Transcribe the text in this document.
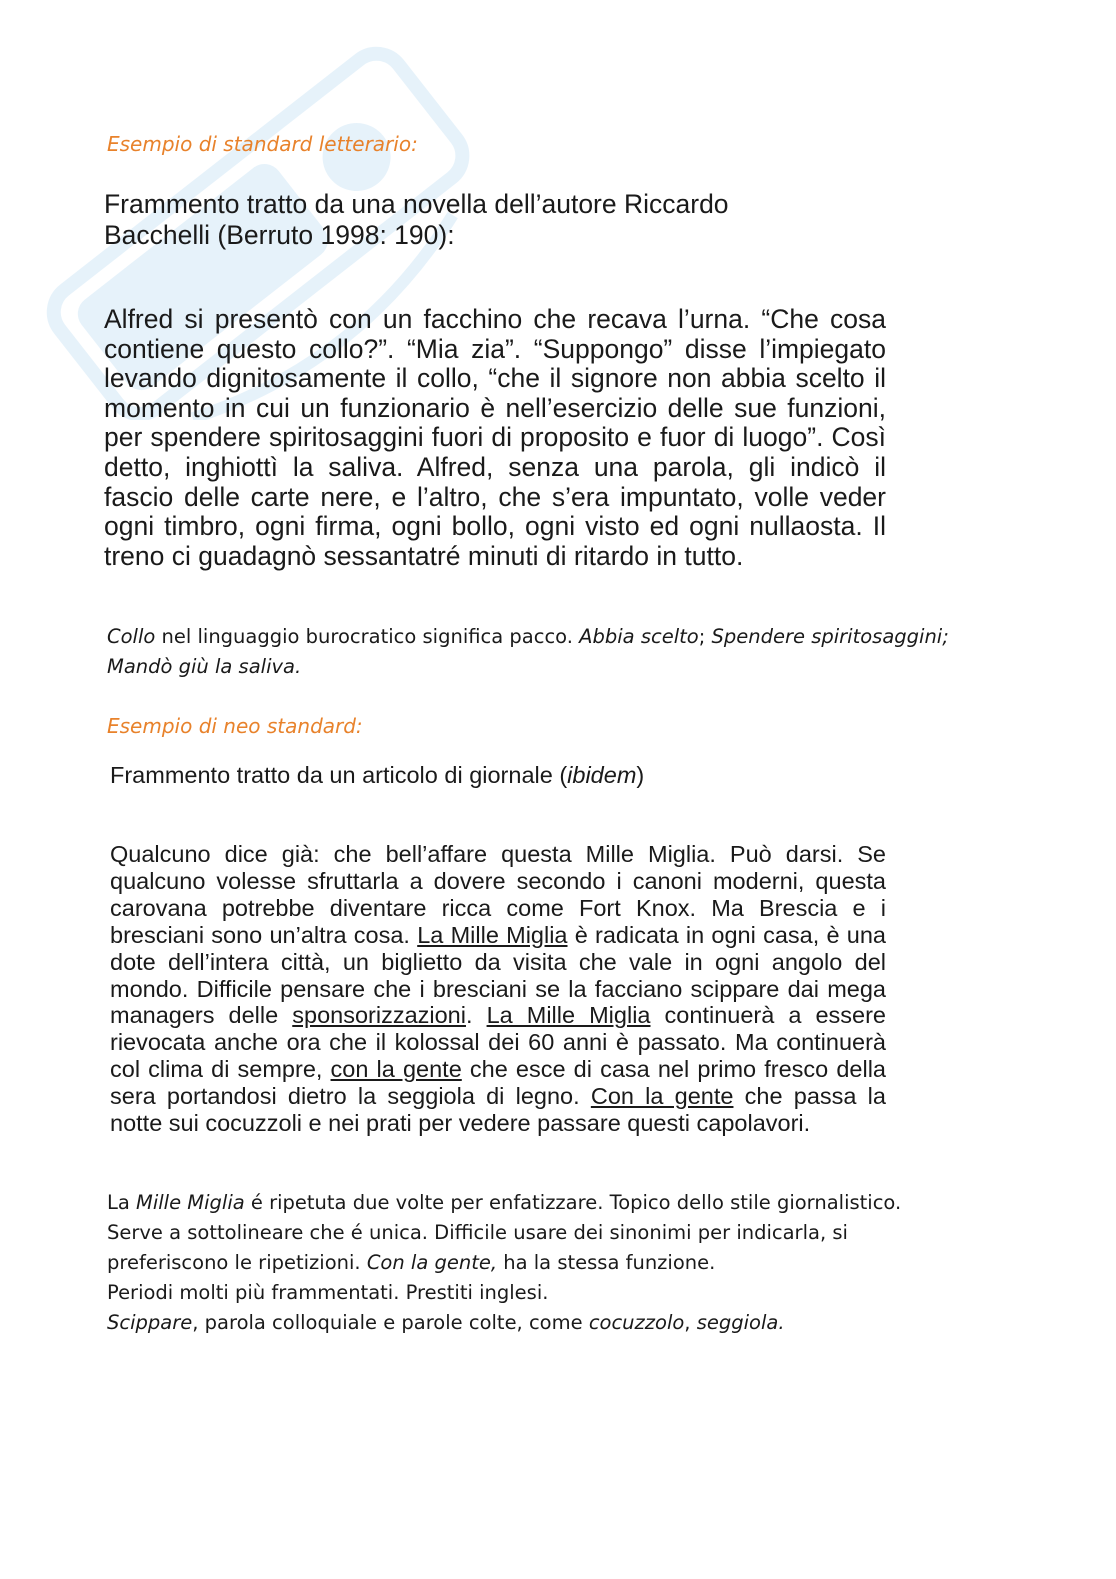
Esempio di standard letterario:

Frammento tratto da una novella dell’autore Riccardo Bacchelli (Berruto 1998: 190):

Alfred si presentò con un facchino che recava l’urna. “Che cosa contiene questo collo?”. “Mia zia”. “Suppongo” disse l’impiegato levando dignitosamente il collo, “che il signore non abbia scelto il momento in cui un funzionario è nell’esercizio delle sue funzioni, per spendere spiritosaggini fuori di proposito e fuor di luogo”. Così detto, inghiottì la saliva. Alfred, senza una parola, gli indicò il fascio delle carte nere, e l’altro, che s’era impuntato, volle veder ogni timbro, ogni firma, ogni bollo, ogni visto ed ogni nullaosta. Il treno ci guadagnò sessantatré minuti di ritardo in tutto.

Collo nel linguaggio burocratico significa pacco. Abbia scelto; Spendere spiritosaggini; Mandò giù la saliva.

Esempio di neo standard:

Frammento tratto da un articolo di giornale (ibidem)

Qualcuno dice già: che bell’affare questa Mille Miglia. Può darsi. Se qualcuno volesse sfruttarla a dovere secondo i canoni moderni, questa carovana potrebbe diventare ricca come Fort Knox. Ma Brescia e i bresciani sono un’altra cosa. La Mille Miglia è radicata in ogni casa, è una dote dell’intera città, un biglietto da visita che vale in ogni angolo del mondo. Difficile pensare che i bresciani se la facciano scippare dai mega managers delle sponsorizzazioni. La Mille Miglia continuerà a essere rievocata anche ora che il kolossal dei 60 anni è passato. Ma continuerà col clima di sempre, con la gente che esce di casa nel primo fresco della sera portandosi dietro la seggiola di legno. Con la gente che passa la notte sui cocuzzoli e nei prati per vedere passare questi capolavori.

La Mille Miglia é ripetuta due volte per enfatizzare. Topico dello stile giornalistico.
Serve a sottolineare che é unica. Difficile usare dei sinonimi per indicarla, si preferiscono le ripetizioni. Con la gente, ha la stessa funzione.
Periodi molti più frammentati. Prestiti inglesi.
Scippare, parola colloquiale e parole colte, come cocuzzolo, seggiola.
